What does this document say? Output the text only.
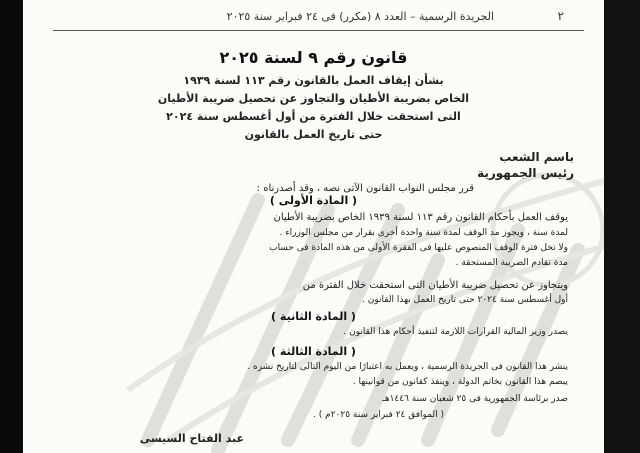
٢
الجريدة الرسمية – العدد ٨ (مكرر) فى ٢٤ فبراير سنة ٢٠٢٥
قانون رقم ٩ لسنة ٢٠٢٥
بشأن إيقاف العمل بالقانون رقم ١١٣ لسنة ١٩٣٩
الخاص بضريبة الأطيان والتجاوز عن تحصيل ضريبة الأطيان
التى استحقت خلال الفترة من أول أغسطس سنة ٢٠٢٤
حتى تاريخ العمل بالقانون
باسم الشعب
رئيس الجمهورية
قرر مجلس النواب القانون الآتى نصه ، وقد أصدرناه :
( المادة الأولى )
يوقف العمل بأحكام القانون رقم ١١٣ لسنة ١٩٣٩ الخاص بضريبة الأطيان
لمدة سنة ، ويجوز مد الوقف لمدة سنة واحدة أخرى بقرار من مجلس الوزراء .
ولا تخل فترة الوقف المنصوص عليها فى الفقرة الأولى من هذه المادة فى حساب
مدة تقادم الضريبة المستحقة .
ويتجاوز عن تحصيل ضريبة الأطيان التى استحقت خلال الفترة من
أول أغسطس سنة ٢٠٢٤ حتى تاريخ العمل بهذا القانون .
( المادة الثانية )
يصدر وزير المالية القرارات اللازمة لتنفيذ أحكام هذا القانون .
( المادة الثالثة )
ينشر هذا القانون فى الجريدة الرسمية ، ويعمل به اعتبارًا من اليوم التالى لتاريخ نشره .
يبصم هذا القانون بخاتم الدولة ، وينفذ كقانون من قوانينها .
صدر برئاسة الجمهورية فى ٢٥ شعبان سنة ١٤٤٦هـ
( الموافق ٢٤ فبراير سنة ٢٠٢٥م ) .
عبد الفتاح السيسى
